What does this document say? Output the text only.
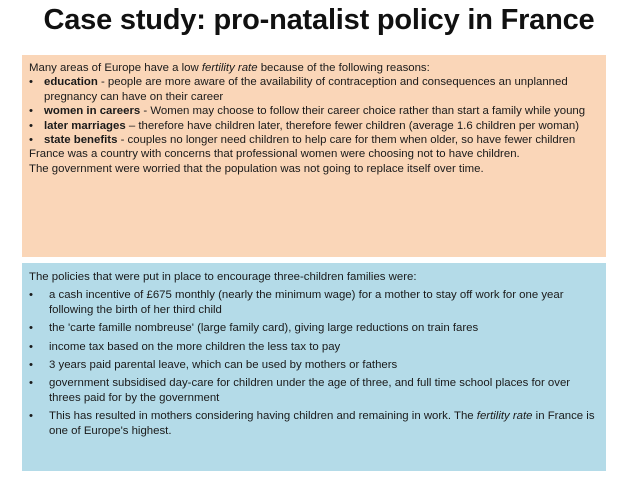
Case study: pro-natalist policy in France
Many areas of Europe have a low fertility rate because of the following reasons:
• education - people are more aware of the availability of contraception and consequences an unplanned pregnancy can have on their career
• women in careers - Women may choose to follow their career choice rather than start a family while young
• later marriages – therefore have children later, therefore fewer children (average 1.6 children per woman)
• state benefits - couples no longer need children to help care for them when older, so have fewer children
France was a country with concerns that professional women were choosing not to have children.
The government were worried that the population was not going to replace itself over time.
The policies that were put in place to encourage three-children families were:
• a cash incentive of £675 monthly (nearly the minimum wage) for a mother to stay off work for one year following the birth of her third child
• the 'carte famille nombreuse' (large family card), giving large reductions on train fares
• income tax based on the more children the less tax to pay
• 3 years paid parental leave, which can be used by mothers or fathers
• government subsidised day-care for children under the age of three, and full time school places for over threes paid for by the government
• This has resulted in mothers considering having children and remaining in work. The fertility rate in France is one of Europe's highest.
